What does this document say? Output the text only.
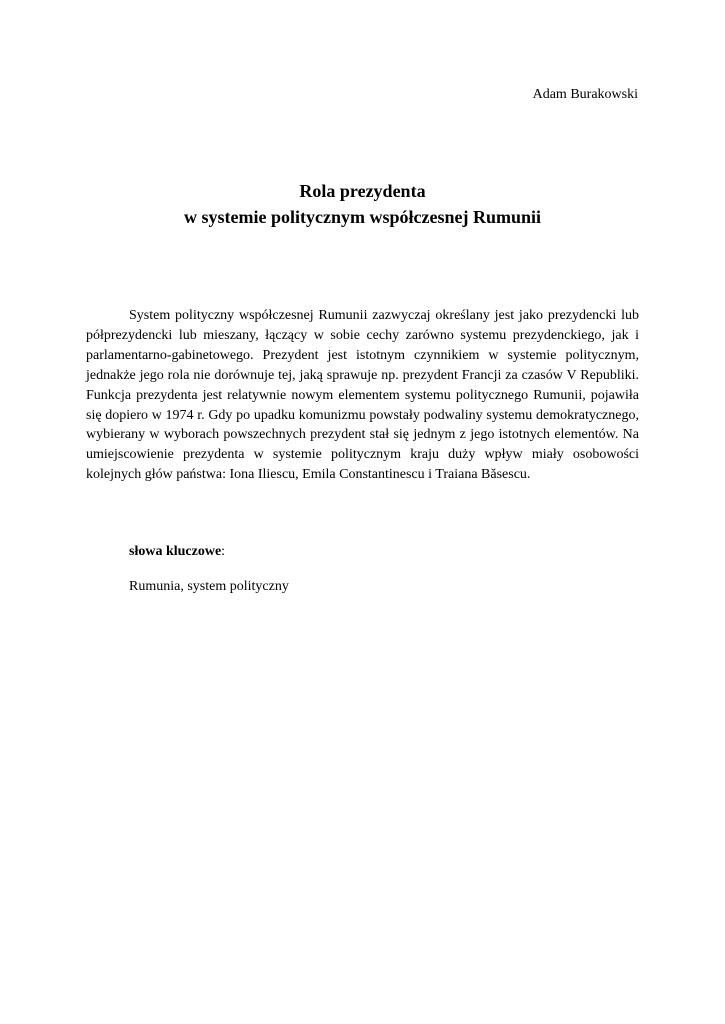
Adam Burakowski
Rola prezydenta
w systemie politycznym współczesnej Rumunii

System polityczny współczesnej Rumunii zazwyczaj określany jest jako prezydencki lub półprezydencki lub mieszany, łączący w sobie cechy zarówno systemu prezydenckiego, jak i parlamentarno-gabinetowego. Prezydent jest istotnym czynnikiem w systemie politycznym, jednakże jego rola nie dorównuje tej, jaką sprawuje np. prezydent Francji za czasów V Republiki. Funkcja prezydenta jest relatywnie nowym elementem systemu politycznego Rumunii, pojawiła się dopiero w 1974 r. Gdy po upadku komunizmu powstały podwaliny systemu demokratycznego, wybierany w wyborach powszechnych prezydent stał się jednym z jego istotnych elementów. Na umiejscowienie prezydenta w systemie politycznym kraju duży wpływ miały osobowości kolejnych głów państwa: Iona Iliescu, Emila Constantinescu i Traiana Băsescu.

słowa kluczowe:
Rumunia, system polityczny
